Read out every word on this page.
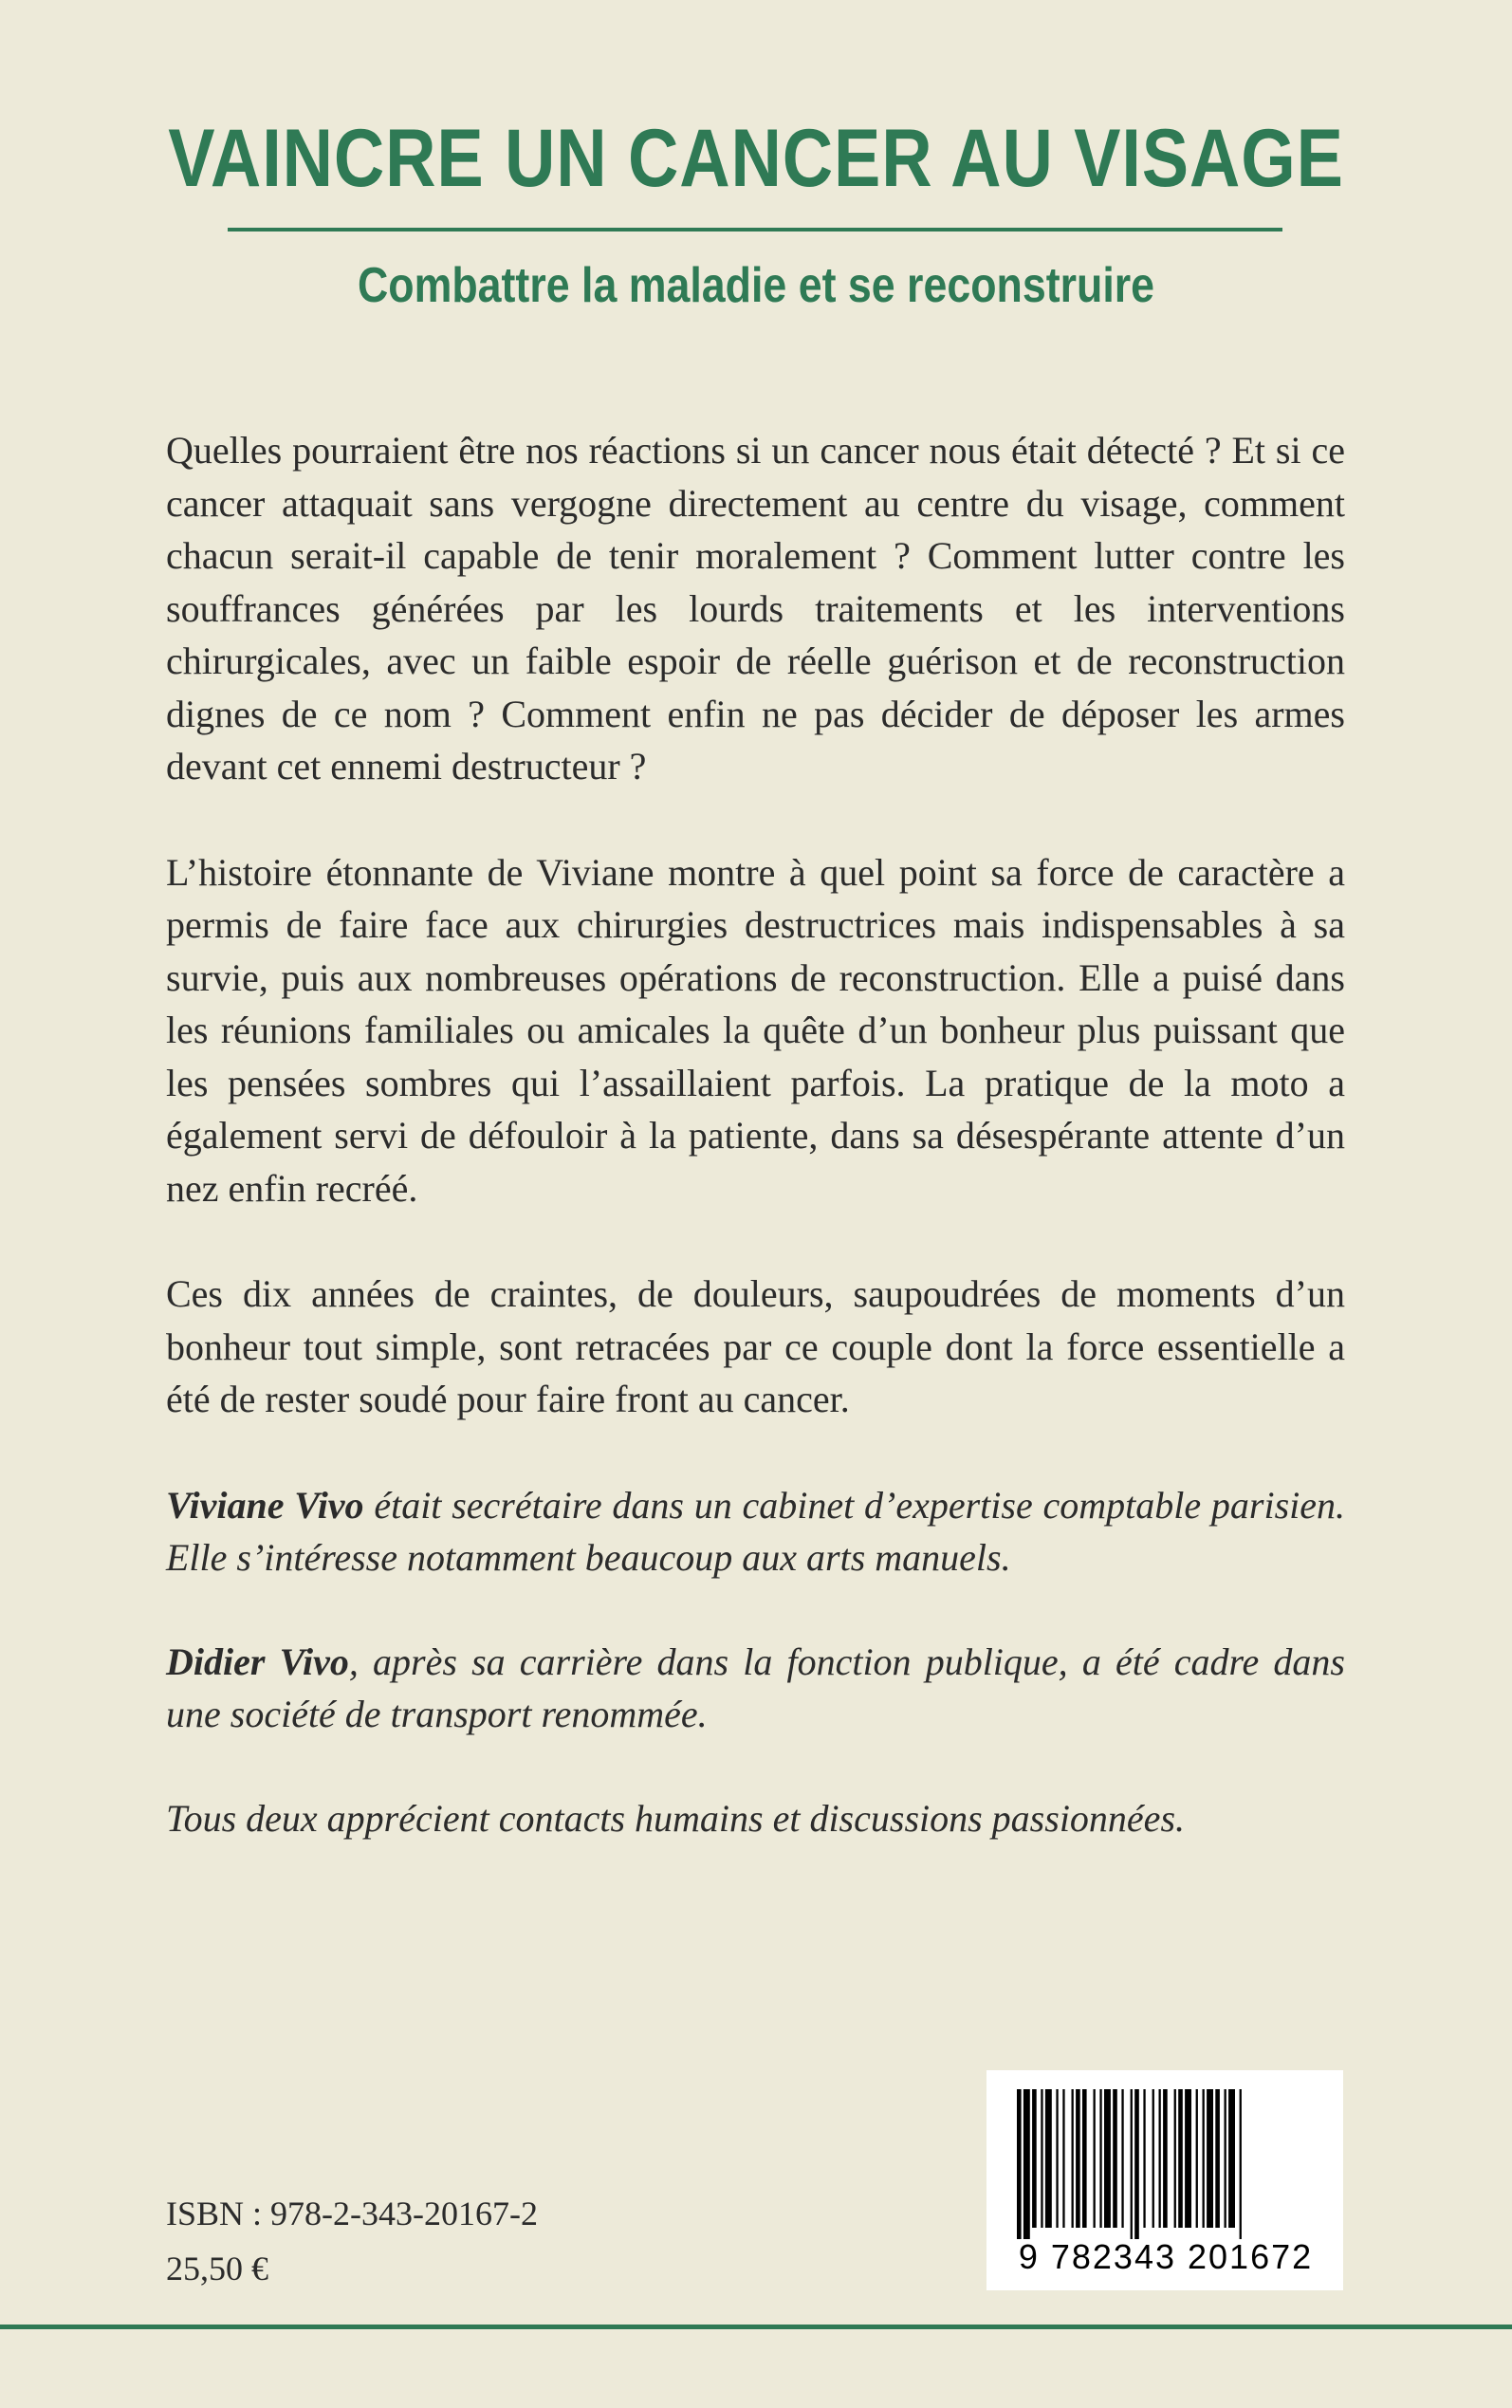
VAINCRE UN CANCER AU VISAGE
Combattre la maladie et se reconstruire

Quelles pourraient être nos réactions si un cancer nous était détecté ? Et si ce cancer attaquait sans vergogne directement au centre du visage, comment chacun serait-il capable de tenir moralement ? Comment lutter contre les souffrances générées par les lourds traitements et les interventions chirurgicales, avec un faible espoir de réelle guérison et de reconstruction dignes de ce nom ? Comment enfin ne pas décider de déposer les armes devant cet ennemi destructeur ?

L’histoire étonnante de Viviane montre à quel point sa force de caractère a permis de faire face aux chirurgies destructrices mais indispensables à sa survie, puis aux nombreuses opérations de reconstruction. Elle a puisé dans les réunions familiales ou amicales la quête d’un bonheur plus puissant que les pensées sombres qui l’assaillaient parfois. La pratique de la moto a également servi de défouloir à la patiente, dans sa désespérante attente d’un nez enfin recréé.

Ces dix années de craintes, de douleurs, saupoudrées de moments d’un bonheur tout simple, sont retracées par ce couple dont la force essentielle a été de rester soudé pour faire front au cancer.

Viviane Vivo était secrétaire dans un cabinet d’expertise comptable parisien. Elle s’intéresse notamment beaucoup aux arts manuels.

Didier Vivo, après sa carrière dans la fonction publique, a été cadre dans une société de transport renommée.

Tous deux apprécient contacts humains et discussions passionnées.

ISBN : 978-2-343-20167-2
25,50 €	9 782343 201672
